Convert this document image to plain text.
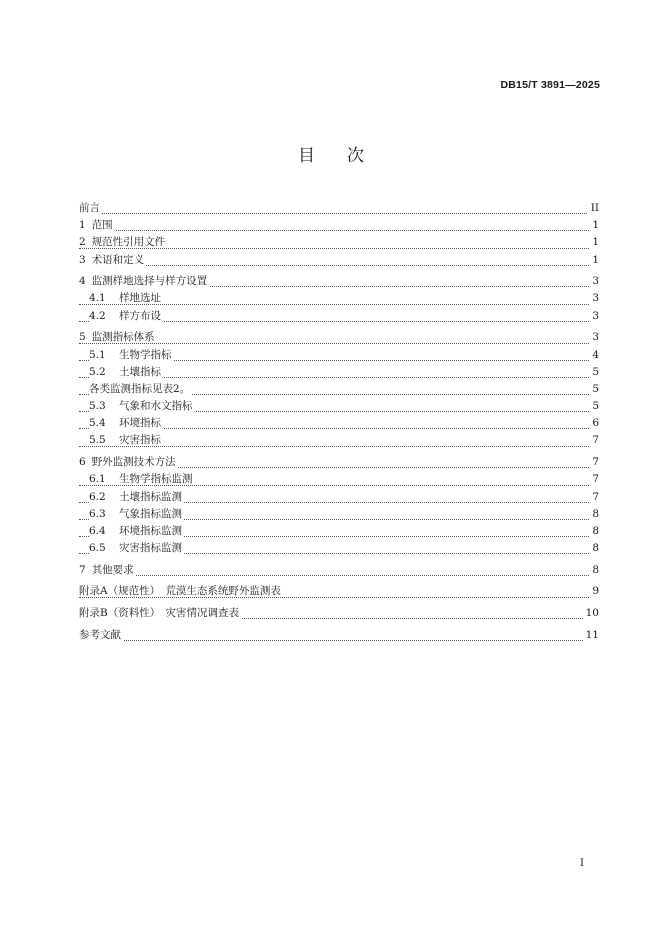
DB15/T 3891—2025
目次
前言	II
1 范围	1
2 规范性引用文件	1
3 术语和定义	1
4 监测样地选择与样方设置	3
4.1 样地选址	3
4.2 样方布设	3
5 监测指标体系	3
5.1 生物学指标	4
5.2 土壤指标	5
各类监测指标见表2。	5
5.3 气象和水文指标	5
5.4 环境指标	6
5.5 灾害指标	7
6 野外监测技术方法	7
6.1 生物学指标监测	7
6.2 土壤指标监测	7
6.3 气象指标监测	8
6.4 环境指标监测	8
6.5 灾害指标监测	8
7 其他要求	8
附录A（规范性）　荒漠生态系统野外监测表	9
附录B（资料性）　灾害情况调查表	10
参考文献	11
I
